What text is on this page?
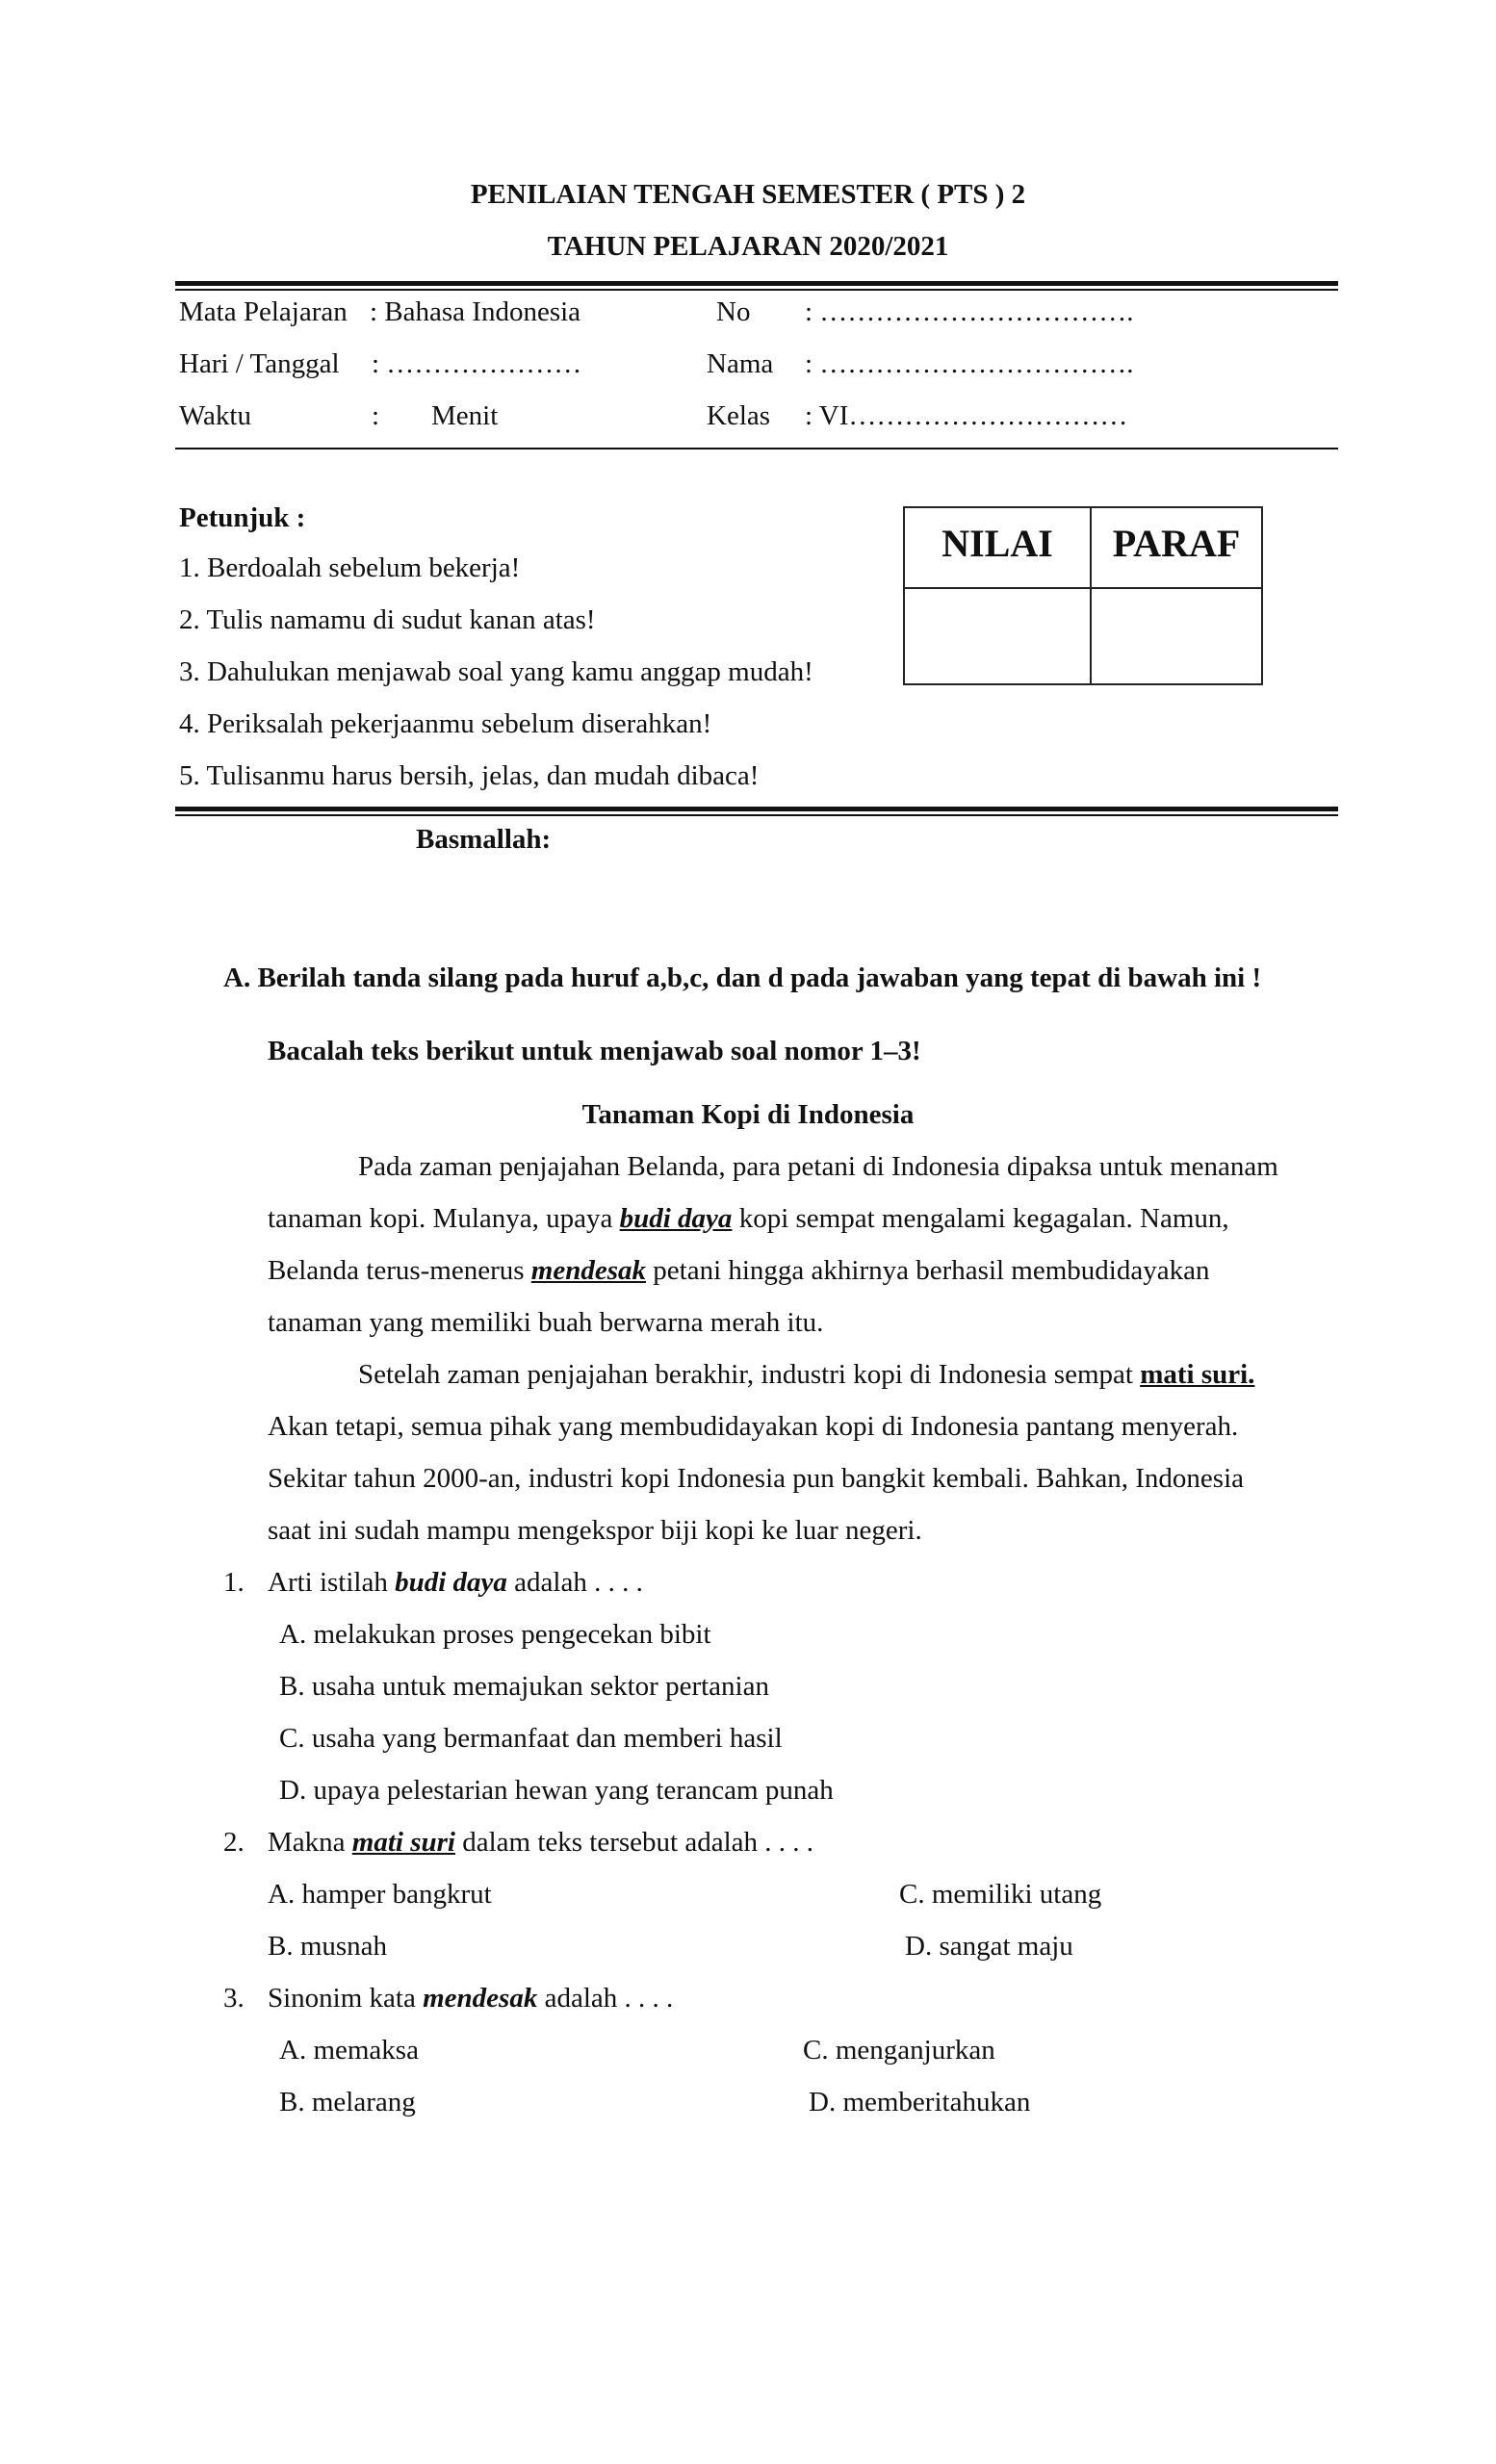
PENILAIAN TENGAH SEMESTER ( PTS ) 2
TAHUN PELAJARAN 2020/2021
Mata Pelajaran : Bahasa Indonesia	No : …………………………….
Hari / Tanggal : …………………	Nama : …………………………….
Waktu	: Menit	Kelas : VI…………………………
Petunjuk :
1. Berdoalah sebelum bekerja!
2. Tulis namamu di sudut kanan atas!
3. Dahulukan menjawab soal yang kamu anggap mudah!
4. Periksalah pekerjaanmu sebelum diserahkan!
5. Tulisanmu harus bersih, jelas, dan mudah dibaca!
NILAI	PARAF

Basmallah:
A. Berilah tanda silang pada huruf a,b,c, dan d pada jawaban yang tepat di bawah ini !
Bacalah teks berikut untuk menjawab soal nomor 1–3!
Tanaman Kopi di Indonesia
Pada zaman penjajahan Belanda, para petani di Indonesia dipaksa untuk menanam
tanaman kopi. Mulanya, upaya budi daya kopi sempat mengalami kegagalan. Namun,
Belanda terus-menerus mendesak petani hingga akhirnya berhasil membudidayakan
tanaman yang memiliki buah berwarna merah itu.
Setelah zaman penjajahan berakhir, industri kopi di Indonesia sempat mati suri.
Akan tetapi, semua pihak yang membudidayakan kopi di Indonesia pantang menyerah.
Sekitar tahun 2000-an, industri kopi Indonesia pun bangkit kembali. Bahkan, Indonesia
saat ini sudah mampu mengekspor biji kopi ke luar negeri.
1. Arti istilah budi daya adalah . . . .
A. melakukan proses pengecekan bibit
B. usaha untuk memajukan sektor pertanian
C. usaha yang bermanfaat dan memberi hasil
D. upaya pelestarian hewan yang terancam punah
2. Makna mati suri dalam teks tersebut adalah . . . .
A. hamper bangkrut	C. memiliki utang
B. musnah	D. sangat maju
3. Sinonim kata mendesak adalah . . . .
A. memaksa	C. menganjurkan
B. melarang	D. memberitahukan
